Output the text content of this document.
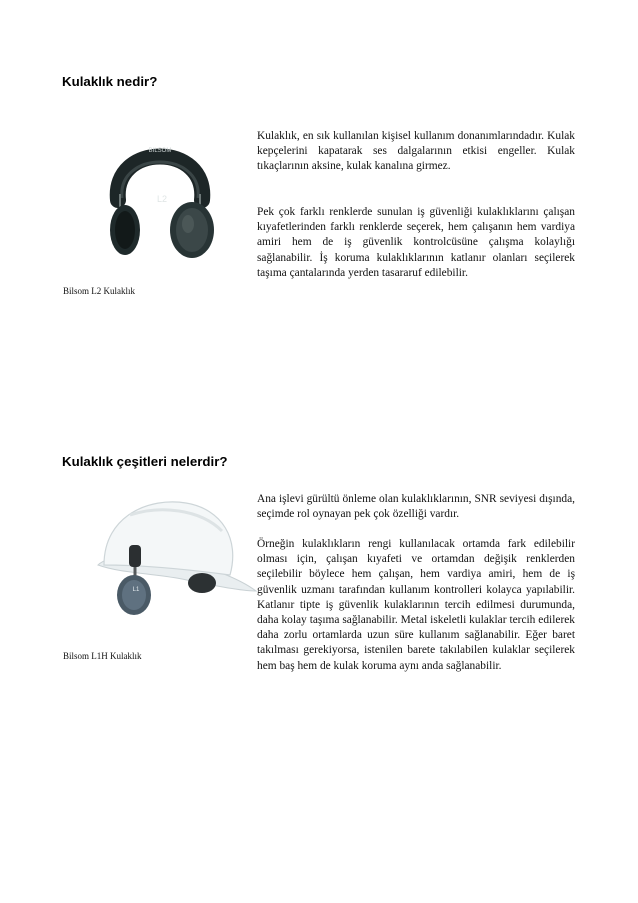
Kulaklık nedir?
BILSOM
L2
Bilsom L2 Kulaklık

Kulaklık, en sık kullanılan kişisel kullanım donanımlarındadır. Kulak kepçelerini kapatarak ses dalgalarının etkisi engeller. Kulak tıkaçlarının aksine, kulak kanalına girmez.

Pek çok farklı renklerde sunulan iş güvenliği kulaklıklarını çalışan kıyafetlerinden farklı renklerde seçerek, hem çalışanın hem vardiya amiri hem de iş güvenlik kontrolcüsüne çalışma kolaylığı sağlanabilir. İş koruma kulaklıklarının katlanır olanları seçilerek taşıma çantalarında yerden tasararuf edilebilir.

Kulaklık çeşitleri nelerdir?
L1
Bilsom L1H Kulaklık

Ana işlevi gürültü önleme olan kulaklıklarının, SNR seviyesi dışında, seçimde rol oynayan pek çok özelliği vardır.

Örneğin kulaklıkların rengi kullanılacak ortamda fark edilebilir olması için, çalışan kıyafeti ve ortamdan değişik renklerden seçilebilir böylece hem çalışan, hem vardiya amiri, hem de iş güvenlik uzmanı tarafından kullanım kontrolleri kolayca yapılabilir. Katlanır tipte iş güvenlik kulaklarının tercih edilmesi durumunda, daha kolay taşıma sağlanabilir. Metal iskeletli kulaklar tercih edilerek daha zorlu ortamlarda uzun süre kullanım sağlanabilir. Eğer baret takılması gerekiyorsa, istenilen barete takılabilen kulaklar seçilerek hem baş hem de kulak koruma aynı anda sağlanabilir.
